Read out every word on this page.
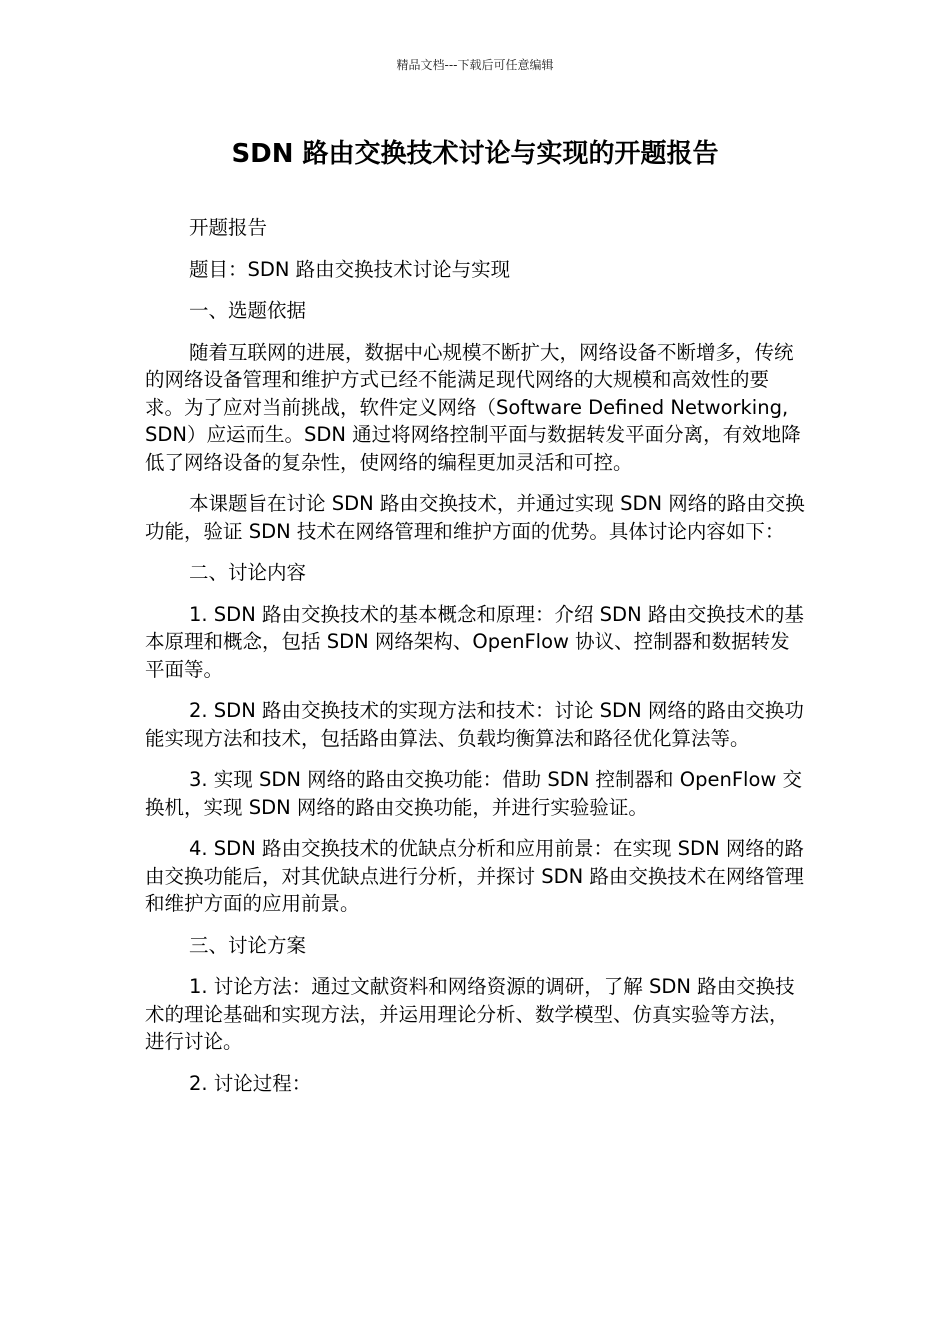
精品文档---下载后可任意编辑
SDN 路由交换技术讨论与实现的开题报告

开题报告

题目：SDN 路由交换技术讨论与实现

一、选题依据

随着互联网的进展，数据中心规模不断扩大，网络设备不断增多，传统的网络设备管理和维护方式已经不能满足现代网络的大规模和高效性的要求。为了应对当前挑战，软件定义网络（Software Defined Networking, SDN）应运而生。SDN 通过将网络控制平面与数据转发平面分离，有效地降低了网络设备的复杂性，使网络的编程更加灵活和可控。

本课题旨在讨论 SDN 路由交换技术，并通过实现 SDN 网络的路由交换功能，验证 SDN 技术在网络管理和维护方面的优势。具体讨论内容如下：

二、讨论内容

1. SDN 路由交换技术的基本概念和原理：介绍 SDN 路由交换技术的基本原理和概念，包括 SDN 网络架构、OpenFlow 协议、控制器和数据转发平面等。

2. SDN 路由交换技术的实现方法和技术：讨论 SDN 网络的路由交换功能实现方法和技术，包括路由算法、负载均衡算法和路径优化算法等。

3. 实现 SDN 网络的路由交换功能：借助 SDN 控制器和 OpenFlow 交换机，实现 SDN 网络的路由交换功能，并进行实验验证。

4. SDN 路由交换技术的优缺点分析和应用前景：在实现 SDN 网络的路由交换功能后，对其优缺点进行分析，并探讨 SDN 路由交换技术在网络管理和维护方面的应用前景。

三、讨论方案

1. 讨论方法：通过文献资料和网络资源的调研，了解 SDN 路由交换技术的理论基础和实现方法，并运用理论分析、数学模型、仿真实验等方法，进行讨论。

2. 讨论过程：
